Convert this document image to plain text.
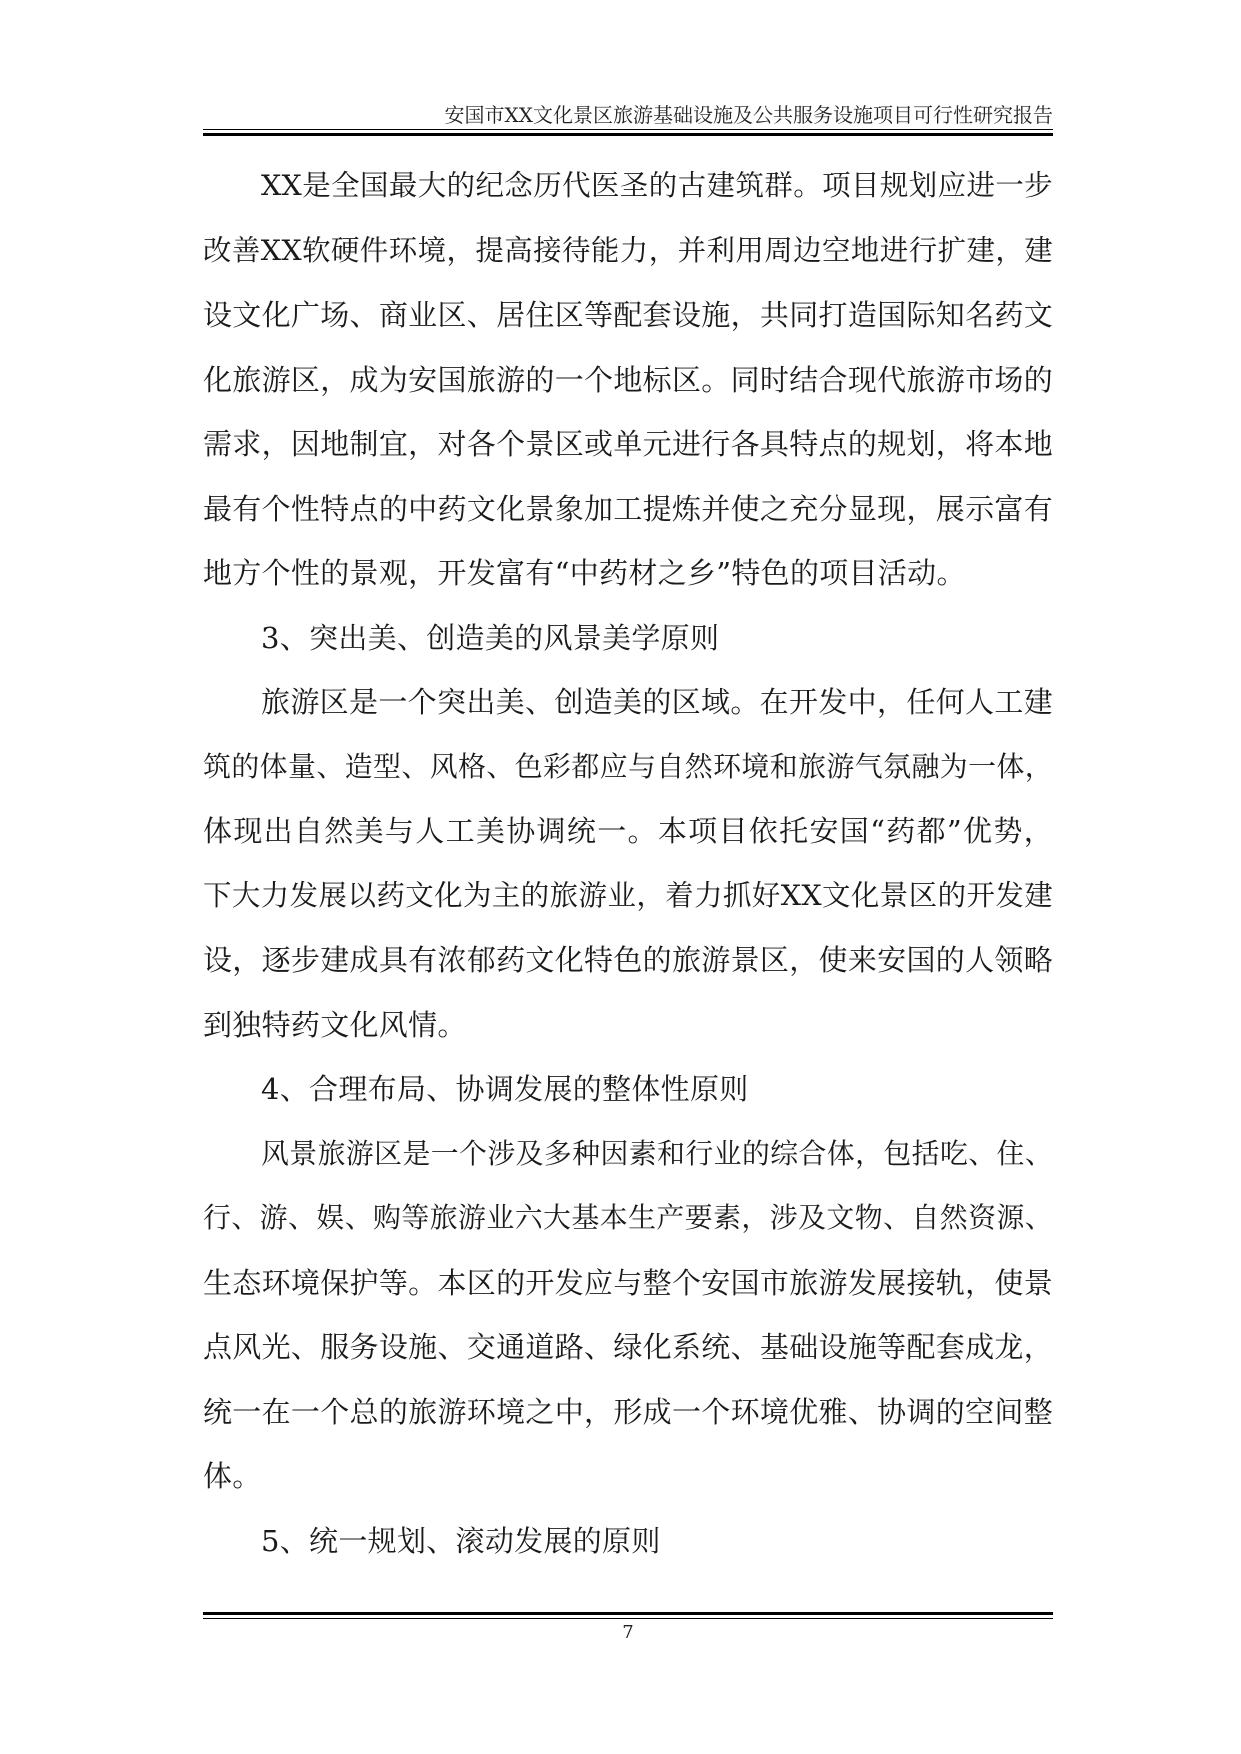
安国市XX文化景区旅游基础设施及公共服务设施项目可行性研究报告
XX是全国最大的纪念历代医圣的古建筑群。项目规划应进一步
改善XX软硬件环境，提高接待能力，并利用周边空地进行扩建，建
设文化广场、商业区、居住区等配套设施，共同打造国际知名药文
化旅游区，成为安国旅游的一个地标区。同时结合现代旅游市场的
需求，因地制宜，对各个景区或单元进行各具特点的规划，将本地
最有个性特点的中药文化景象加工提炼并使之充分显现，展示富有
地方个性的景观，开发富有“中药材之乡”特色的项目活动。
3、突出美、创造美的风景美学原则
旅游区是一个突出美、创造美的区域。在开发中，任何人工建
筑的体量、造型、风格、色彩都应与自然环境和旅游气氛融为一体，
体现出自然美与人工美协调统一。本项目依托安国“药都”优势，
下大力发展以药文化为主的旅游业，着力抓好XX文化景区的开发建
设，逐步建成具有浓郁药文化特色的旅游景区，使来安国的人领略
到独特药文化风情。
4、合理布局、协调发展的整体性原则
风景旅游区是一个涉及多种因素和行业的综合体，包括吃、住、
行、游、娱、购等旅游业六大基本生产要素，涉及文物、自然资源、
生态环境保护等。本区的开发应与整个安国市旅游发展接轨，使景
点风光、服务设施、交通道路、绿化系统、基础设施等配套成龙，
统一在一个总的旅游环境之中，形成一个环境优雅、协调的空间整
体。
5、统一规划、滚动发展的原则
7
